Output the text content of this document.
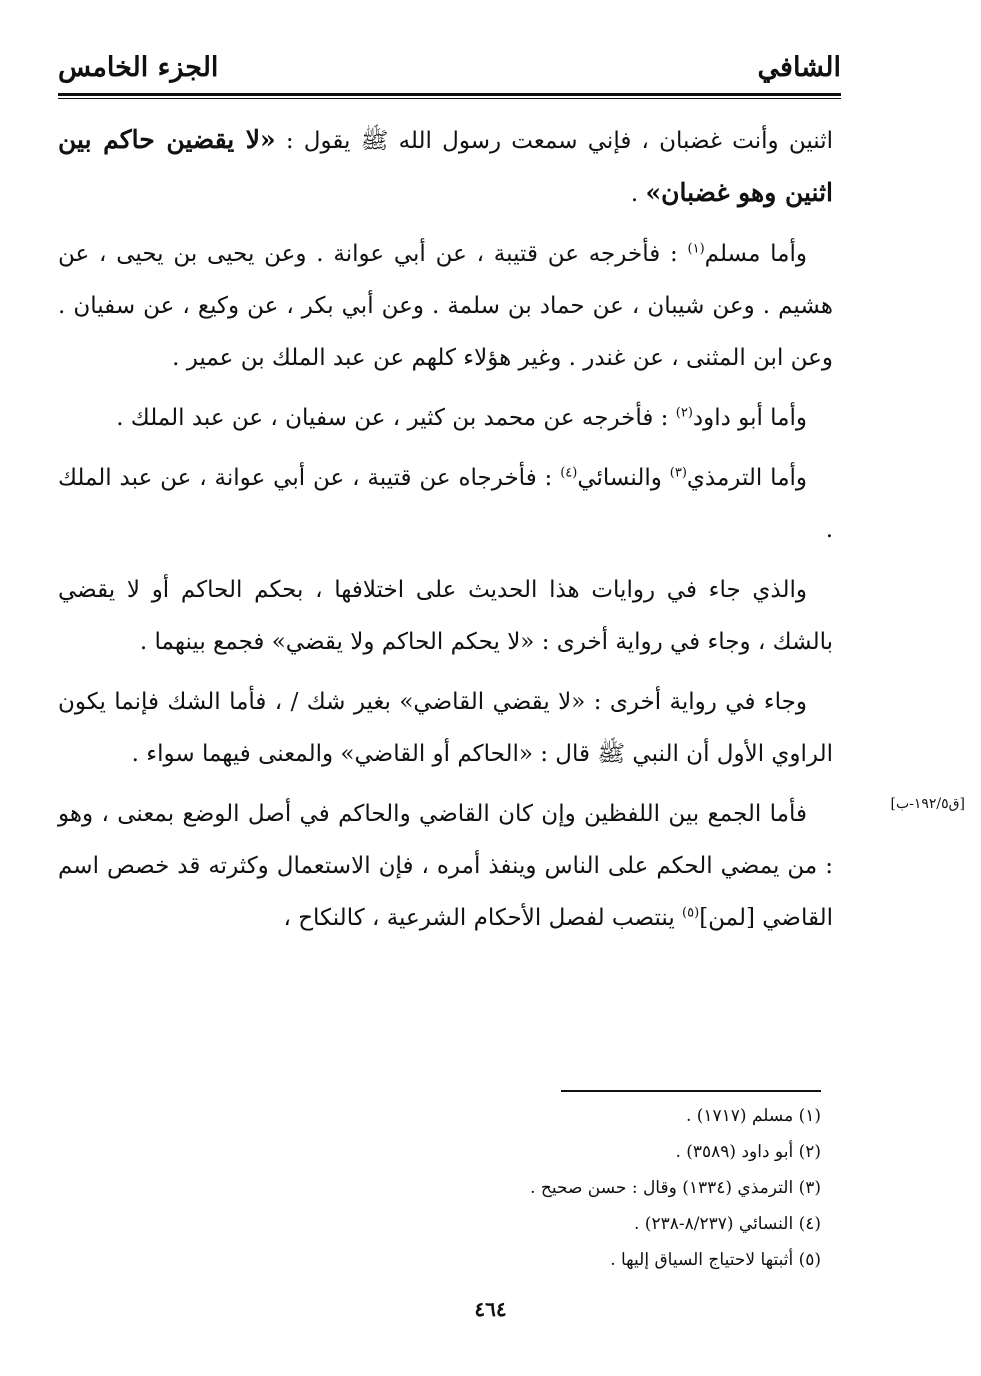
الشافي
الجزء الخامس

اثنين وأنت غضبان ، فإني سمعت رسول الله ﷺ يقول : «لا يقضين حاكم بين اثنين وهو غضبان» .

وأما مسلم$^{(١)}$ : فأخرجه عن قتيبة ، عن أبي عوانة . وعن يحيى بن يحيى ، عن هشيم . وعن شيبان ، عن حماد بن سلمة . وعن أبي بكر ، عن وكيع ، عن سفيان . وعن ابن المثنى ، عن غندر . وغير هؤلاء كلهم عن عبد الملك بن عمير .

وأما أبو داود$^{(٢)}$ : فأخرجه عن محمد بن كثير ، عن سفيان ، عن عبد الملك .

وأما الترمذي$^{(٣)}$ والنسائي$^{(٤)}$ : فأخرجاه عن قتيبة ، عن أبي عوانة ، عن عبد الملك .

والذي جاء في روايات هذا الحديث على اختلافها ، بحكم الحاكم أو لا يقضي بالشك ، وجاء في رواية أخرى : «لا يحكم الحاكم ولا يقضي» فجمع بينهما .

وجاء في رواية أخرى : «لا يقضي القاضي» بغير شك / ، فأما الشك فإنما يكون الراوي الأول أن النبي ﷺ قال : «الحاكم أو القاضي» والمعنى فيهما سواء .

فأما الجمع بين اللفظين وإن كان القاضي والحاكم في أصل الوضع بمعنى ، وهو : من يمضي الحكم على الناس وينفذ أمره ، فإن الاستعمال وكثرته قد خصص اسم القاضي [لمن]$^{(٥)}$ ينتصب لفصل الأحكام الشرعية ، كالنكاح ،

[ق١٩٢/٥-ب]
(١) مسلم (١٧١٧) .
(٢) أبو داود (٣٥٨٩) .
(٣) الترمذي (١٣٣٤) وقال : حسن صحيح .
(٤) النسائي (٨/٢٣٧-٢٣٨) .
(٥) أثبتها لاحتياج السياق إليها .
٤٦٤
